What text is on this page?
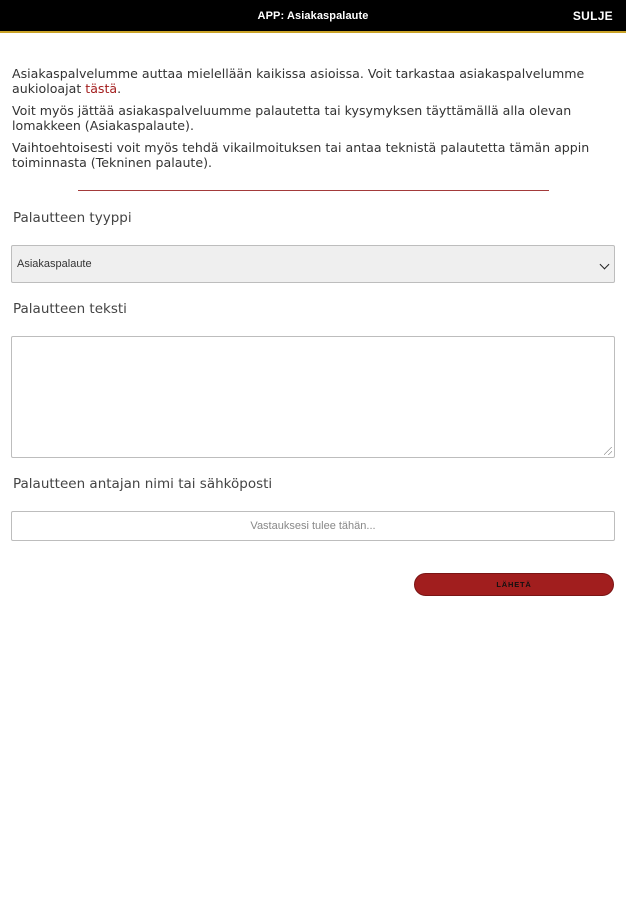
APP: Asiakaspalaute	SULJE

Asiakaspalvelumme auttaa mielellään kaikissa asioissa. Voit tarkastaa asiakaspalvelumme aukioloajat tästä.

Voit myös jättää asiakaspalveluumme palautetta tai kysymyksen täyttämällä alla olevan lomakkeen (Asiakaspalaute).

Vaihtoehtoisesti voit myös tehdä vikailmoituksen tai antaa teknistä palautetta tämän appin toiminnasta (Tekninen palaute).

Palautteen tyyppi
Asiakaspalaute
Palautteen teksti
Palautteen antajan nimi tai sähköposti
Vastauksesi tulee tähän...
LÄHETÄ
